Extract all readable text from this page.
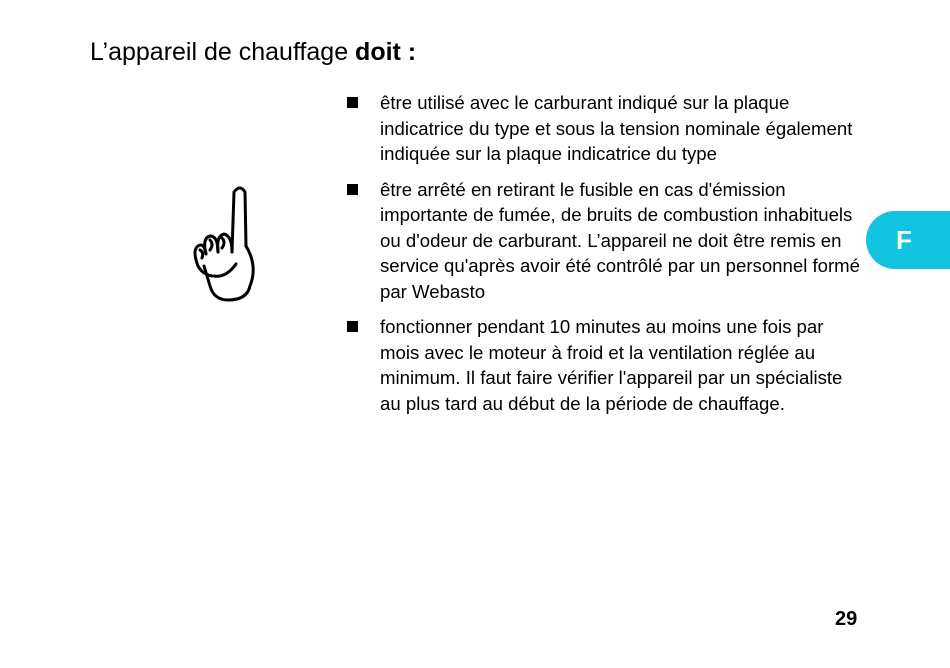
L’appareil de chauffage doit :
être utilisé avec le carburant indiqué sur la plaque indicatrice du type et sous la tension nominale également indiquée sur la plaque indicatrice du type
être arrêté en retirant le fusible en cas d'émission importante de fumée, de bruits de combustion inhabituels ou d'odeur de carburant. L’appareil ne doit être remis en service qu'après avoir été contrôlé par un personnel formé par Webasto
fonctionner pendant 10 minutes au moins une fois par mois avec le moteur à froid et la ventilation réglée au minimum. Il faut faire vérifier l'appareil par un spécialiste au plus tard au début de la période de chauffage.
F
29
